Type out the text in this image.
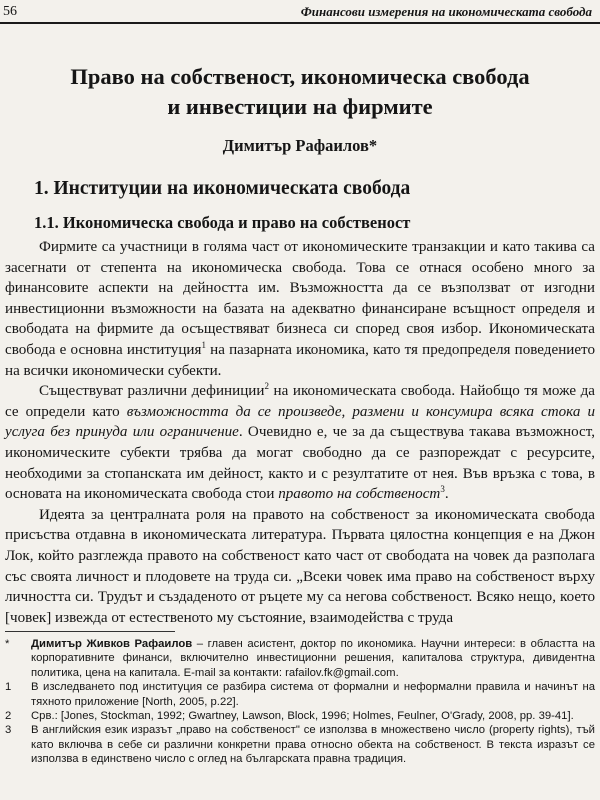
56	Финансови измерения на икономическата свобода
Право на собственост, икономическа свобода
и инвестиции на фирмите
Димитър Рафаилов*
1. Институции на икономическата свобода
1.1. Икономическа свобода и право на собственост

Фирмите са участници в голяма част от икономическите транзакции и като такива са засегнати от степента на икономическа свобода. Това се отнася особено много за финансовите аспекти на дейността им. Възможността да се възползват от изгодни инвестиционни възможности на базата на адекватно финансиране всъщност определя и свободата на фирмите да осъществяват бизнеса си според своя избор. Икономическата свобода е основна институция$^1$ на пазарната икономика, като тя предопределя поведението на всички икономически субекти.

Съществуват различни дефиниции$^2$ на икономическата свобода. Найобщо тя може да се определи като възможността да се произведе, размени и консумира всяка стока и услуга без принуда или ограничение. Очевидно е, че за да съществува такава възможност, икономическите субекти трябва да могат свободно да се разпореждат с ресурсите, необходими за стопанската им дейност, както и с резултатите от нея. Във връзка с това, в основата на икономическата свобода стои правото на собственост$^3$.

Идеята за централната роля на правото на собственост за икономическата свобода присъства отдавна в икономическата литература. Първата цялостна концепция е на Джон Лок, който разглежда правото на собственост като част от свободата на човек да разполага със своята личност и плодовете на труда си. „Всеки човек има право на собственост върху личността си. Трудът и създаденото от ръцете му са негова собственост. Всяко нещо, което [човек] извежда от естественото му състояние, взаимодейства с труда

*	Димитър Живков Рафаилов – главен асистент, доктор по икономика. Научни интереси: в областта на корпоративните финанси, включително инвестиционни решения, капиталова структура, дивидентна политика, цена на капитала. E-mail за контакти: rafailov.fk@gmail.com.
1	В изследването под институция се разбира система от формални и неформални правила и начинът на тяхното приложение [North, 2005, p.22].
2	Срв.: [Jones, Stockman, 1992; Gwartney, Lawson, Block, 1996; Holmes, Feulner, O'Grady, 2008, pp. 39-41].
3	В английския език изразът „право на собственост" се използва в множествено число (property rights), тъй като включва в себе си различни конкретни права относно обекта на собственост. В текста изразът се използва в единствено число с оглед на българската правна традиция.
